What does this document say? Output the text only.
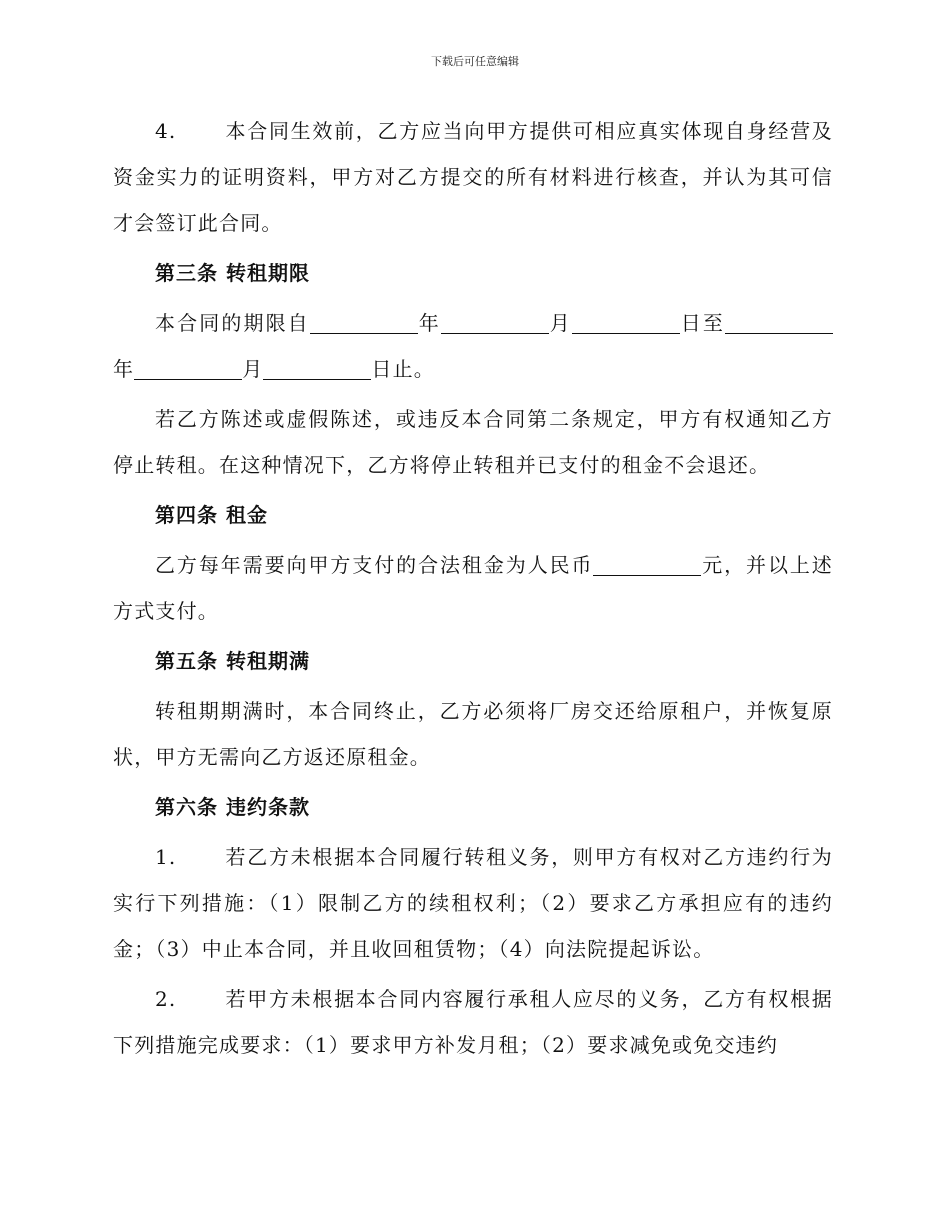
下载后可任意编辑

4. 本合同生效前，乙方应当向甲方提供可相应真实体现自身经营及资金实力的证明资料，甲方对乙方提交的所有材料进行核查，并认为其可信才会签订此合同。

第三条 转租期限

本合同的期限自	年	月	日至年	月	日止。

若乙方陈述或虚假陈述，或违反本合同第二条规定，甲方有权通知乙方停止转租。在这种情况下，乙方将停止转租并已支付的租金不会退还。

第四条 租金

乙方每年需要向甲方支付的合法租金为人民币	元，并以上述方式支付。

第五条 转租期满

转租期期满时，本合同终止，乙方必须将厂房交还给原租户，并恢复原状，甲方无需向乙方返还原租金。

第六条 违约条款

1. 若乙方未根据本合同履行转租义务，则甲方有权对乙方违约行为实行下列措施：（1）限制乙方的续租权利；（2）要求乙方承担应有的违约金；（3）中止本合同，并且收回租赁物；（4）向法院提起诉讼。

2. 若甲方未根据本合同内容履行承租人应尽的义务，乙方有权根据下列措施完成要求：（1）要求甲方补发月租；（2）要求减免或免交违约
